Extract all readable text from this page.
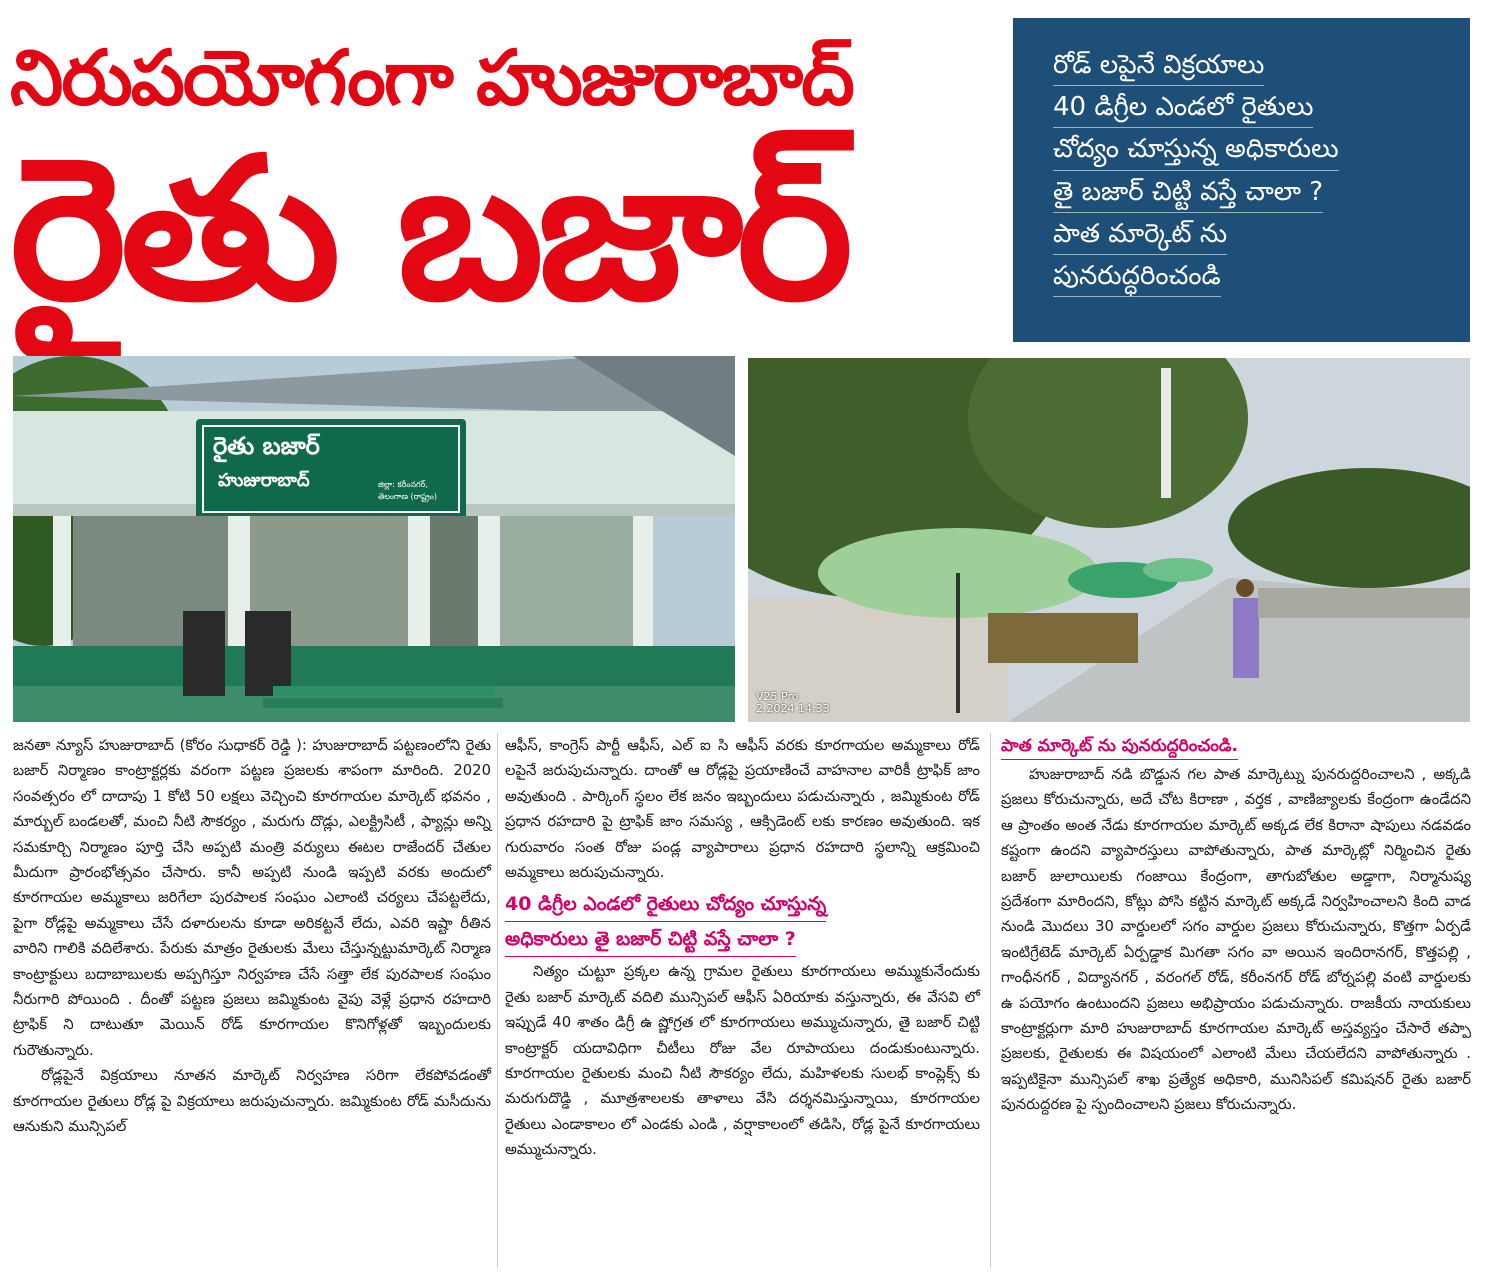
నిరుపయోగంగా హుజురాబాద్
రైతు బజార్
రోడ్ లపైనే విక్రయాలు
40 డిగ్రీల ఎండలో రైతులు
చోద్యం చూస్తున్న అధికారులు
తై బజార్ చిట్టి వస్తే చాలా ?
పాత మార్కెట్ ను
పునరుద్ధరించండి
రైతు బజార్
హుజురాబాద్	జిల్లా: కరీంనగర్,
తెలంగాణ (రాష్ట్రం)
V25 Pro
2.2024 14:33

జనతా న్యూస్ హుజురాబాద్ (కోరం సుధాకర్ రెడ్డి ): హుజురాబాద్ పట్టణంలోని రైతు బజార్ నిర్మాణం కాంట్రాక్టర్లకు వరంగా పట్టణ ప్రజలకు శాపంగా మారింది. 2020 సంవత్సరం లో దాదాపు 1 కోటి 50 లక్షలు వెచ్చించి కూరగాయల మార్కెట్ భవనం , మార్బుల్ బండలతో, మంచి నీటి సౌకర్యం , మరుగు దొడ్లు, ఎలక్ట్రిసిటీ , ఫ్యాన్లు అన్ని సమకూర్చి నిర్మాణం పూర్తి చేసి అప్పటి మంత్రి వర్యులు ఈటల రాజేందర్ చేతుల మీదుగా ప్రారంభోత్సవం చేసారు. కానీ అప్పటి నుండి ఇప్పటి వరకు అందులో కూరగాయల అమ్మకాలు జరిగేలా పురపాలక సంఘం ఎలాంటి చర్యలు చేపట్టలేదు, పైగా రోడ్లపై అమ్మకాలు చేసే దళారులను కూడా అరికట్టనే లేదు, ఎవరి ఇష్టా రీతిన వారిని గాలికి వదిలేశారు. పేరుకు మాత్రం రైతులకు మేలు చేస్తున్నట్టుమార్కెట్ నిర్మాణ కాంట్రాక్టులు బదాబాబులకు అప్పగిస్తూ నిర్వహణ చేసే సత్తా లేక పురపాలక సంఘం నీరుగారి పోయింది . దీంతో పట్టణ ప్రజలు జమ్మికుంట వైపు వెళ్లే ప్రధాన రహదారి ట్రాఫిక్ ని దాటుతూ మెయిన్ రోడ్ కూరగాయల కొనిగోళ్లతో ఇబ్బందులకు గురౌతున్నారు.

రోడ్లపైనే విక్రయాలు నూతన మార్కెట్ నిర్వహణ సరిగా లేకపోవడంతో కూరగాయల రైతులు రోడ్ల పై విక్రయాలు జరుపుచున్నారు. జమ్మికుంట రోడ్ మసీదును ఆనుకుని మున్సిపల్

ఆఫీస్, కాంగ్రెస్ పార్టీ ఆఫీస్, ఎల్ ఐ సి ఆఫీస్ వరకు కూరగాయల అమ్మకాలు రోడ్ లపైనే జరుపుచున్నారు. దాంతో ఆ రోడ్లపై ప్రయాణించే వాహనాల వారికీ ట్రాఫిక్ జాం అవుతుంది . పార్కింగ్ స్థలం లేక జనం ఇబ్బందులు పడుచున్నారు , జమ్మికుంట రోడ్ ప్రధాన రహదారి పై ట్రాఫిక్ జాం సమస్య , ఆక్సిడెంట్ లకు కారణం అవుతుంది. ఇక గురువారం సంత రోజు పండ్ల వ్యాపారాలు ప్రధాన రహదారి స్థలాన్ని ఆక్రమించి అమ్మకాలు జరుపుచున్నారు.

40 డిగ్రీల ఎండలో రైతులు చోద్యం చూస్తున్న
అధికారులు తై బజార్ చిట్టి వస్తే చాలా ?

నిత్యం చుట్టూ ప్రక్కల ఉన్న గ్రామల రైతులు కూరగాయలు అమ్ముకునేందుకు రైతు బజార్ మార్కెట్ వదిలి మున్సిపల్ ఆఫీస్ ఏరియాకు వస్తున్నారు, ఈ వేసవి లో ఇప్పుడే 40 శాతం డిగ్రీ ఉ ష్ణోగ్రత లో కూరగాయలు అమ్ముచున్నారు, తై బజార్ చిట్టి కాంట్రాక్టర్ యదావిధిగా చీటీలు రోజు వేల రూపాయలు దండుకుంటున్నారు. కూరగాయల రైతులకు మంచి నీటి సౌకర్యం లేదు, మహిళలకు సులభ్ కాంప్లెక్స్ కు మరుగుదొడ్డి , మూత్రశాలలకు తాళాలు వేసి దర్శనమిస్తున్నాయి, కూరగాయల రైతులు ఎండాకాలం లో ఎండకు ఎండి , వర్షాకాలంలో తడిసి, రోడ్ల పైనే కూరగాయలు అమ్ముచున్నారు.

పాత మార్కెట్ ను పునరుద్దరించండి.

హుజురాబాద్ నడి బొడ్డున గల పాత మార్కెట్ను పునరుద్దరించాలని , అక్కడి ప్రజలు కోరుచున్నారు, అదే చోట కిరాణా , వర్తక , వాణిజ్యాలకు కేంద్రంగా ఉండేదని ఆ ప్రాంతం అంత నేడు కూరగాయల మార్కెట్ అక్కడ లేక కిరానా షాపులు నడవడం కష్టంగా ఉందని వ్యాపారస్తులు వాపోతున్నారు, పాత మార్కెట్లో నిర్మించిన రైతు బజార్ జులాయిలకు గంజాయి కేంద్రంగా, తాగుబోతుల అడ్డాగా, నిర్మానుష్య ప్రదేశంగా మారిందని, కోట్లు పోసి కట్టిన మార్కెట్ అక్కడే నిర్వహించాలని కింది వాడ నుండి మొదలు 30 వార్డులలో సగం వార్డుల ప్రజలు కోరుచున్నారు, కొత్తగా ఏర్పడే ఇంటిగ్రేటెడ్ మార్కెట్ ఏర్పడ్డాక మిగతా సగం వా అయిన ఇందిరానగర్, కొత్తపల్లి , గాంధీనగర్ , విద్యానగర్ , వరంగల్ రోడ్, కరీంనగర్ రోడ్ బోర్నపల్లి వంటి వార్డులకు ఉ పయోగం ఉంటుందని ప్రజలు అభిప్రాయం పడుచున్నారు. రాజకీయ నాయకులు కాంట్రాక్టర్లుగా మారి హుజురాబాద్ కూరగాయల మార్కెట్ అస్తవ్యస్తం చేసారే తప్పా ప్రజలకు, రైతులకు ఈ విషయంలో ఎలాంటి మేలు చేయలేదని వాపోతున్నారు . ఇప్పటికైనా మున్సిపల్ శాఖ ప్రత్యేక అధికారి, మునిసిపల్ కమిషనర్ రైతు బజార్ పునరుద్దరణ పై స్పందించాలని ప్రజలు కోరుచున్నారు.
